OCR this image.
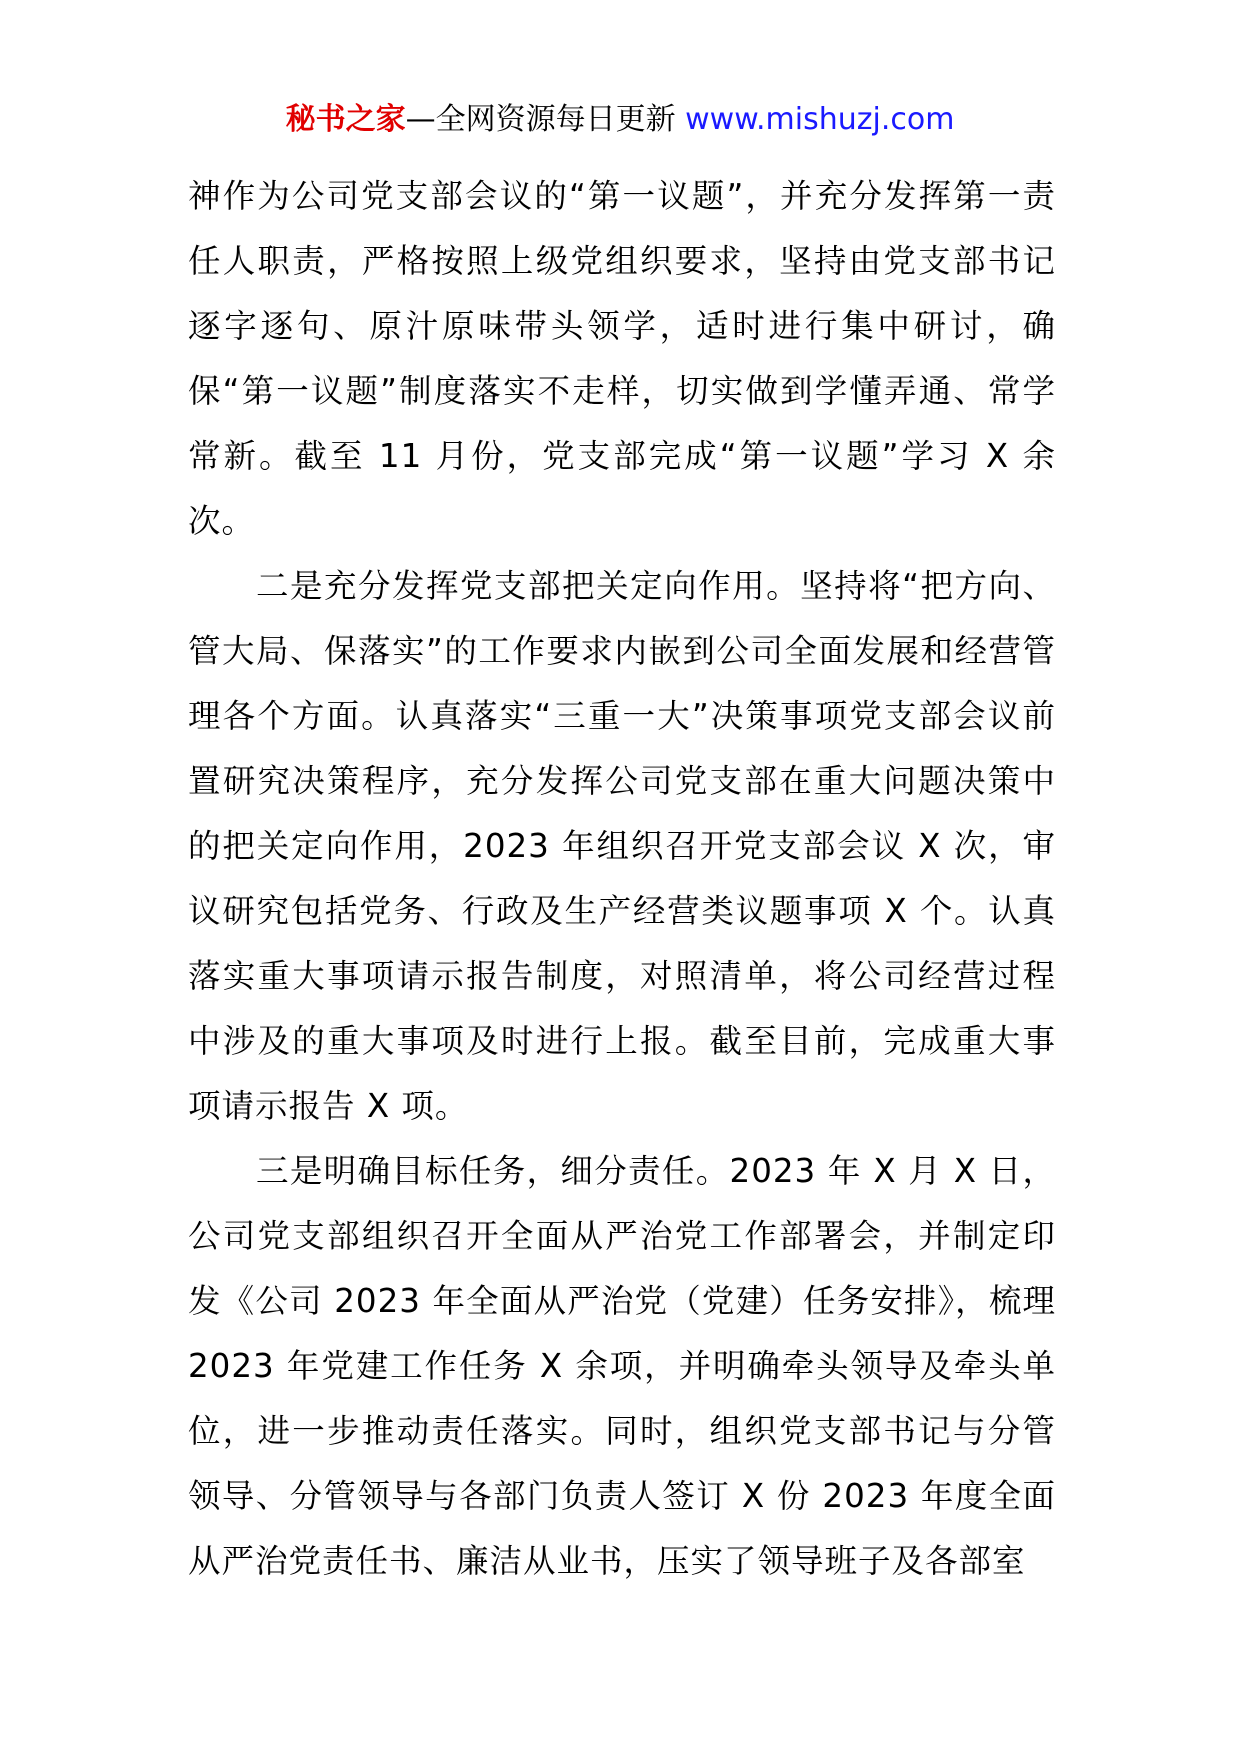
秘书之家—全网资源每日更新 www.mishuzj.com

神作为公司党支部会议的“第一议题”，并充分发挥第一责任人职责，严格按照上级党组织要求，坚持由党支部书记逐字逐句、原汁原味带头领学，适时进行集中研讨，确保“第一议题”制度落实不走样，切实做到学懂弄通、常学常新。截至 11 月份，党支部完成“第一议题”学习 X 余次。

二是充分发挥党支部把关定向作用。坚持将“把方向、管大局、保落实”的工作要求内嵌到公司全面发展和经营管理各个方面。认真落实“三重一大”决策事项党支部会议前置研究决策程序，充分发挥公司党支部在重大问题决策中的把关定向作用，2023 年组织召开党支部会议 X 次，审议研究包括党务、行政及生产经营类议题事项 X 个。认真落实重大事项请示报告制度，对照清单，将公司经营过程中涉及的重大事项及时进行上报。截至目前，完成重大事项请示报告 X 项。

三是明确目标任务，细分责任。2023 年 X 月 X 日，公司党支部组织召开全面从严治党工作部署会，并制定印发《公司 2023 年全面从严治党（党建）任务安排》，梳理 2023 年党建工作任务 X 余项，并明确牵头领导及牵头单位，进一步推动责任落实。同时，组织党支部书记与分管领导、分管领导与各部门负责人签订 X 份 2023 年度全面从严治党责任书、廉洁从业书，压实了领导班子及各部室
